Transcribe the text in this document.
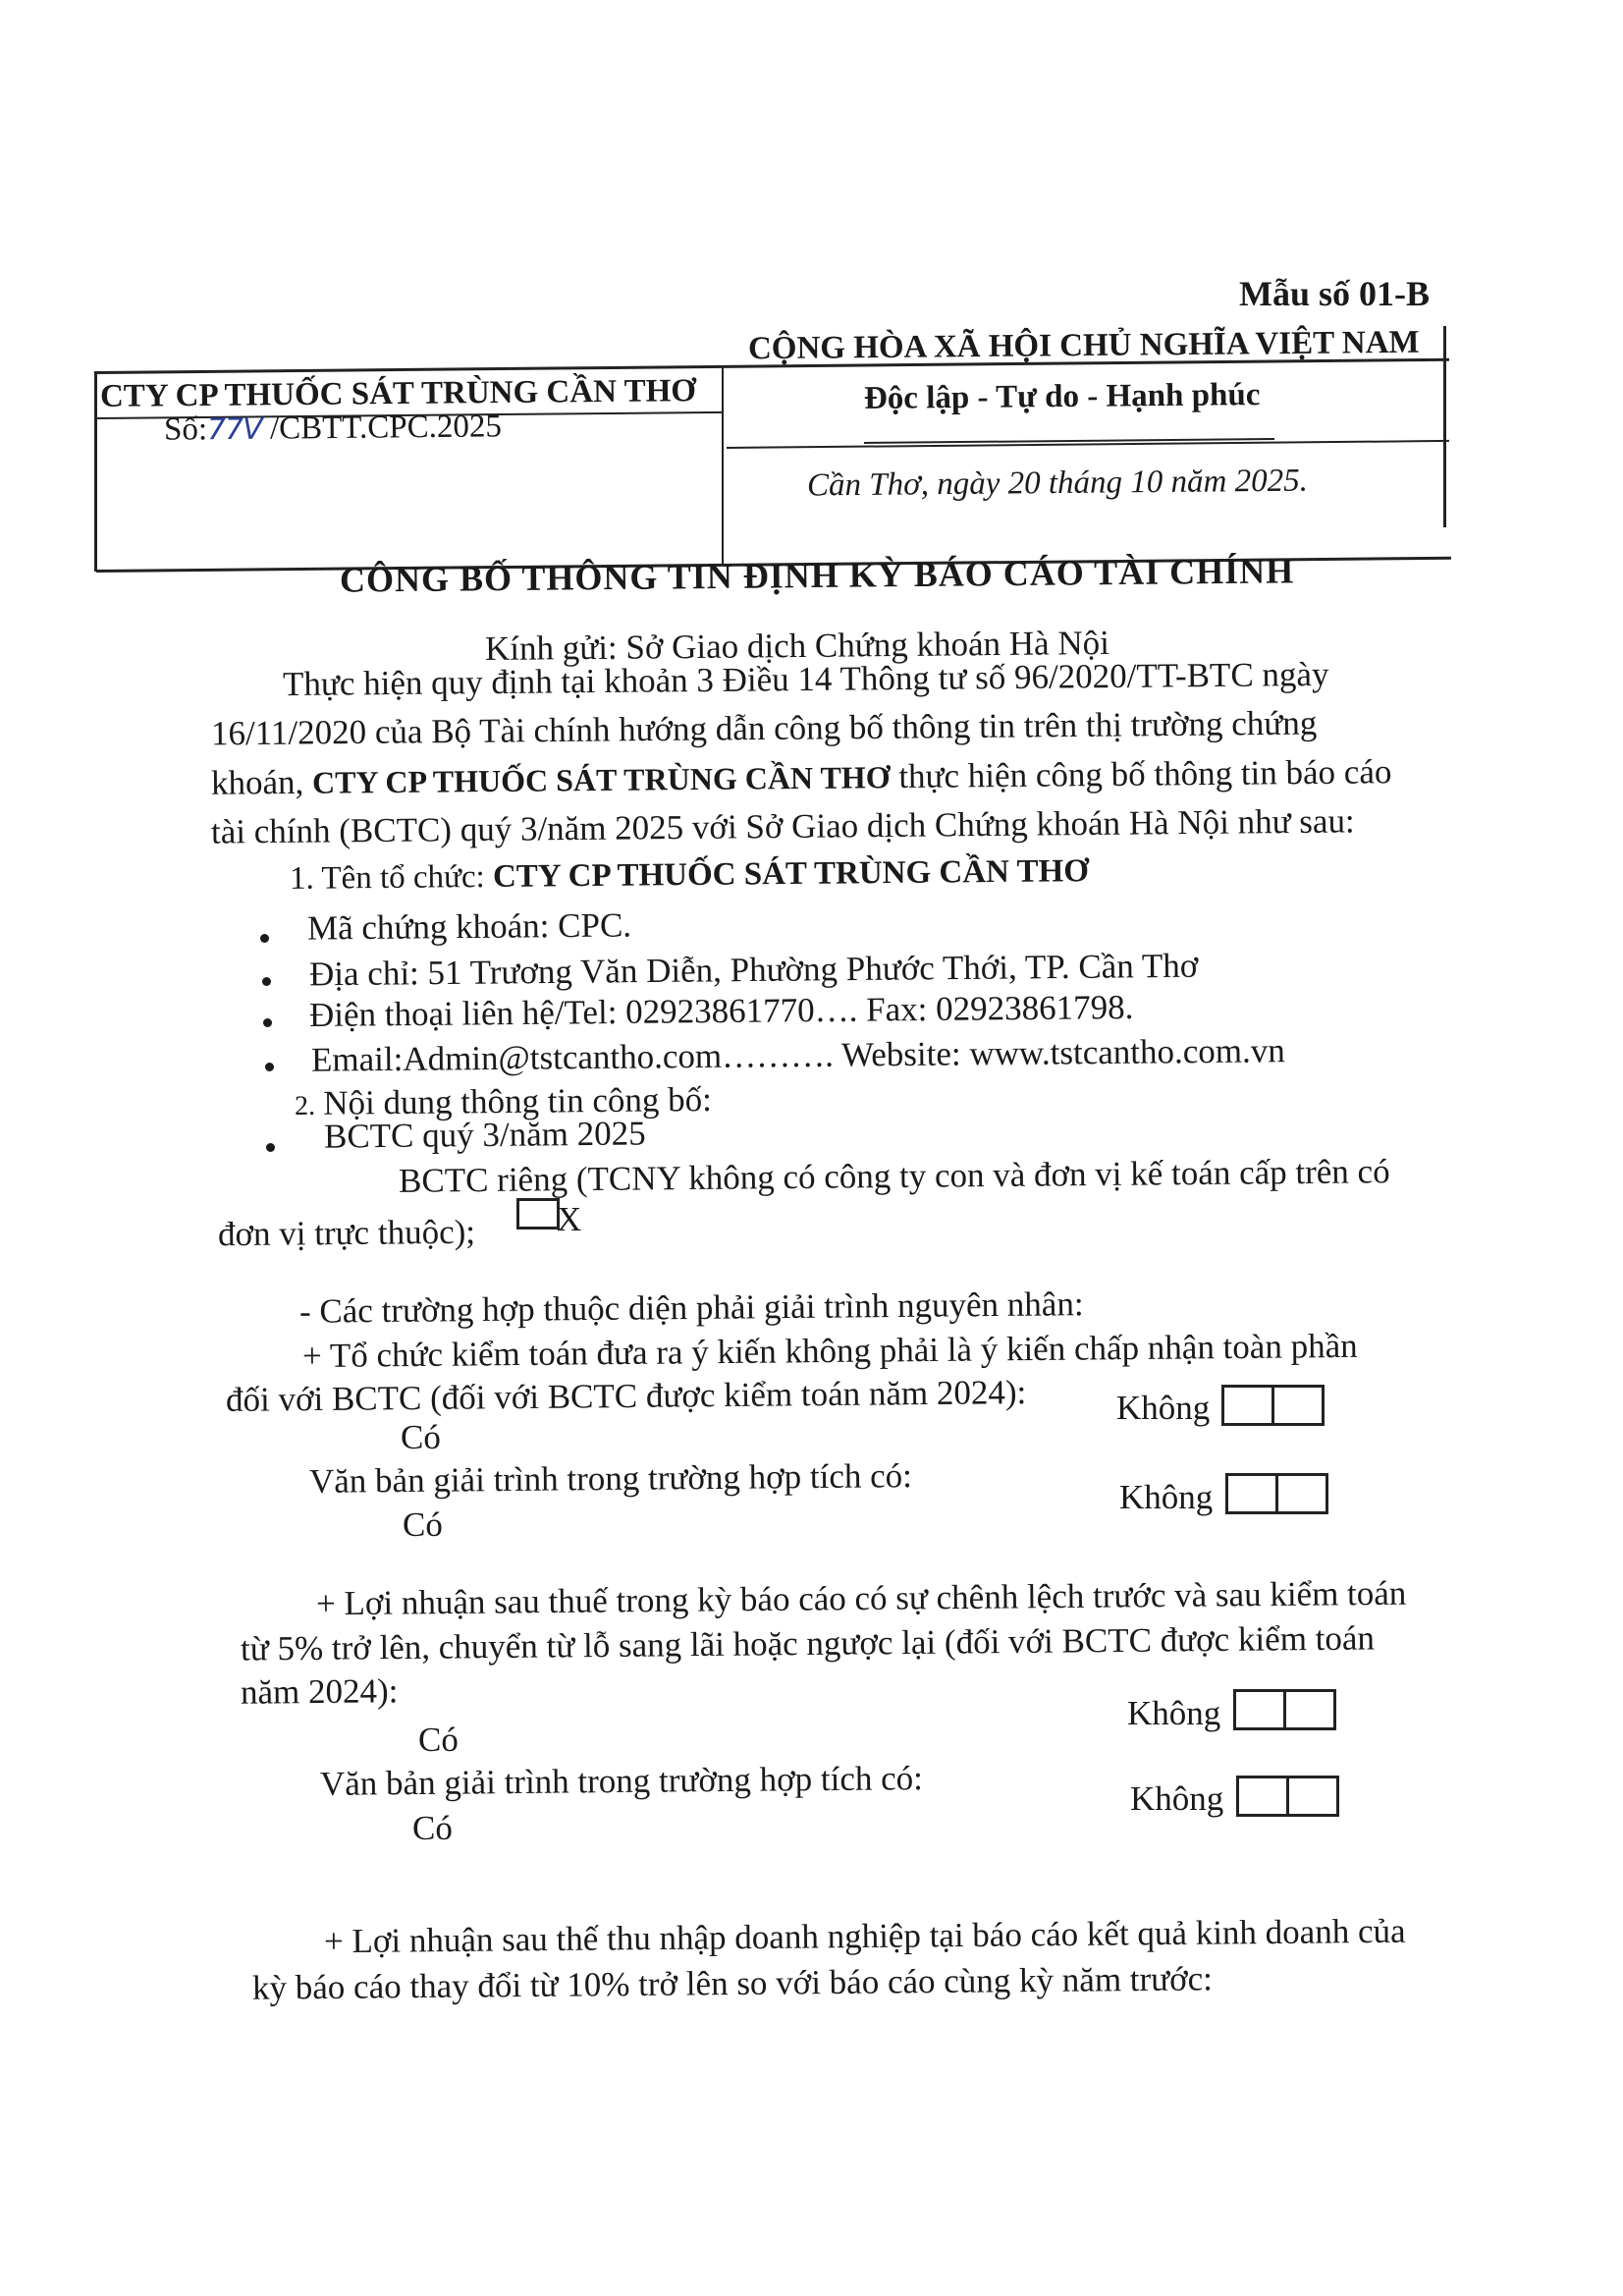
Mẫu số 01-B
CTY CP THUỐC SÁT TRÙNG CẦN THƠ
CỘNG HÒA XÃ HỘI CHỦ NGHĨA VIỆT NAM
Độc lập - Tự do - Hạnh phúc
Số:77V /CBTT.CPC.2025
Cần Thơ, ngày 20 tháng 10 năm 2025.
CÔNG BỐ THÔNG TIN ĐỊNH KỲ BÁO CÁO TÀI CHÍNH
Kính gửi: Sở Giao dịch Chứng khoán Hà Nội
Thực hiện quy định tại khoản 3 Điều 14 Thông tư số 96/2020/TT-BTC ngày
16/11/2020 của Bộ Tài chính hướng dẫn công bố thông tin trên thị trường chứng
khoán, CTY CP THUỐC SÁT TRÙNG CẦN THƠ thực hiện công bố thông tin báo cáo
tài chính (BCTC) quý 3/năm 2025 với Sở Giao dịch Chứng khoán Hà Nội như sau:
1. Tên tổ chức: CTY CP THUỐC SÁT TRÙNG CẦN THƠ
Mã chứng khoán: CPC.
Địa chỉ: 51 Trương Văn Diễn, Phường Phước Thới, TP. Cần Thơ
Điện thoại liên hệ/Tel: 02923861770…. Fax: 02923861798.
Email:Admin@tstcantho.com………. Website: www.tstcantho.com.vn
2. Nội dung thông tin công bố:
BCTC quý 3/năm 2025
BCTC riêng (TCNY không có công ty con và đơn vị kế toán cấp trên có
đơn vị trực thuộc); X
- Các trường hợp thuộc diện phải giải trình nguyên nhân:
+ Tổ chức kiểm toán đưa ra ý kiến không phải là ý kiến chấp nhận toàn phần
đối với BCTC (đối với BCTC được kiểm toán năm 2024):	Không
Có
Văn bản giải trình trong trường hợp tích có:	Không
Có
+ Lợi nhuận sau thuế trong kỳ báo cáo có sự chênh lệch trước và sau kiểm toán
từ 5% trở lên, chuyển từ lỗ sang lãi hoặc ngược lại (đối với BCTC được kiểm toán
năm 2024):
Không
Có
Văn bản giải trình trong trường hợp tích có:	Không
Có
+ Lợi nhuận sau thế thu nhập doanh nghiệp tại báo cáo kết quả kinh doanh của
kỳ báo cáo thay đổi từ 10% trở lên so với báo cáo cùng kỳ năm trước:
